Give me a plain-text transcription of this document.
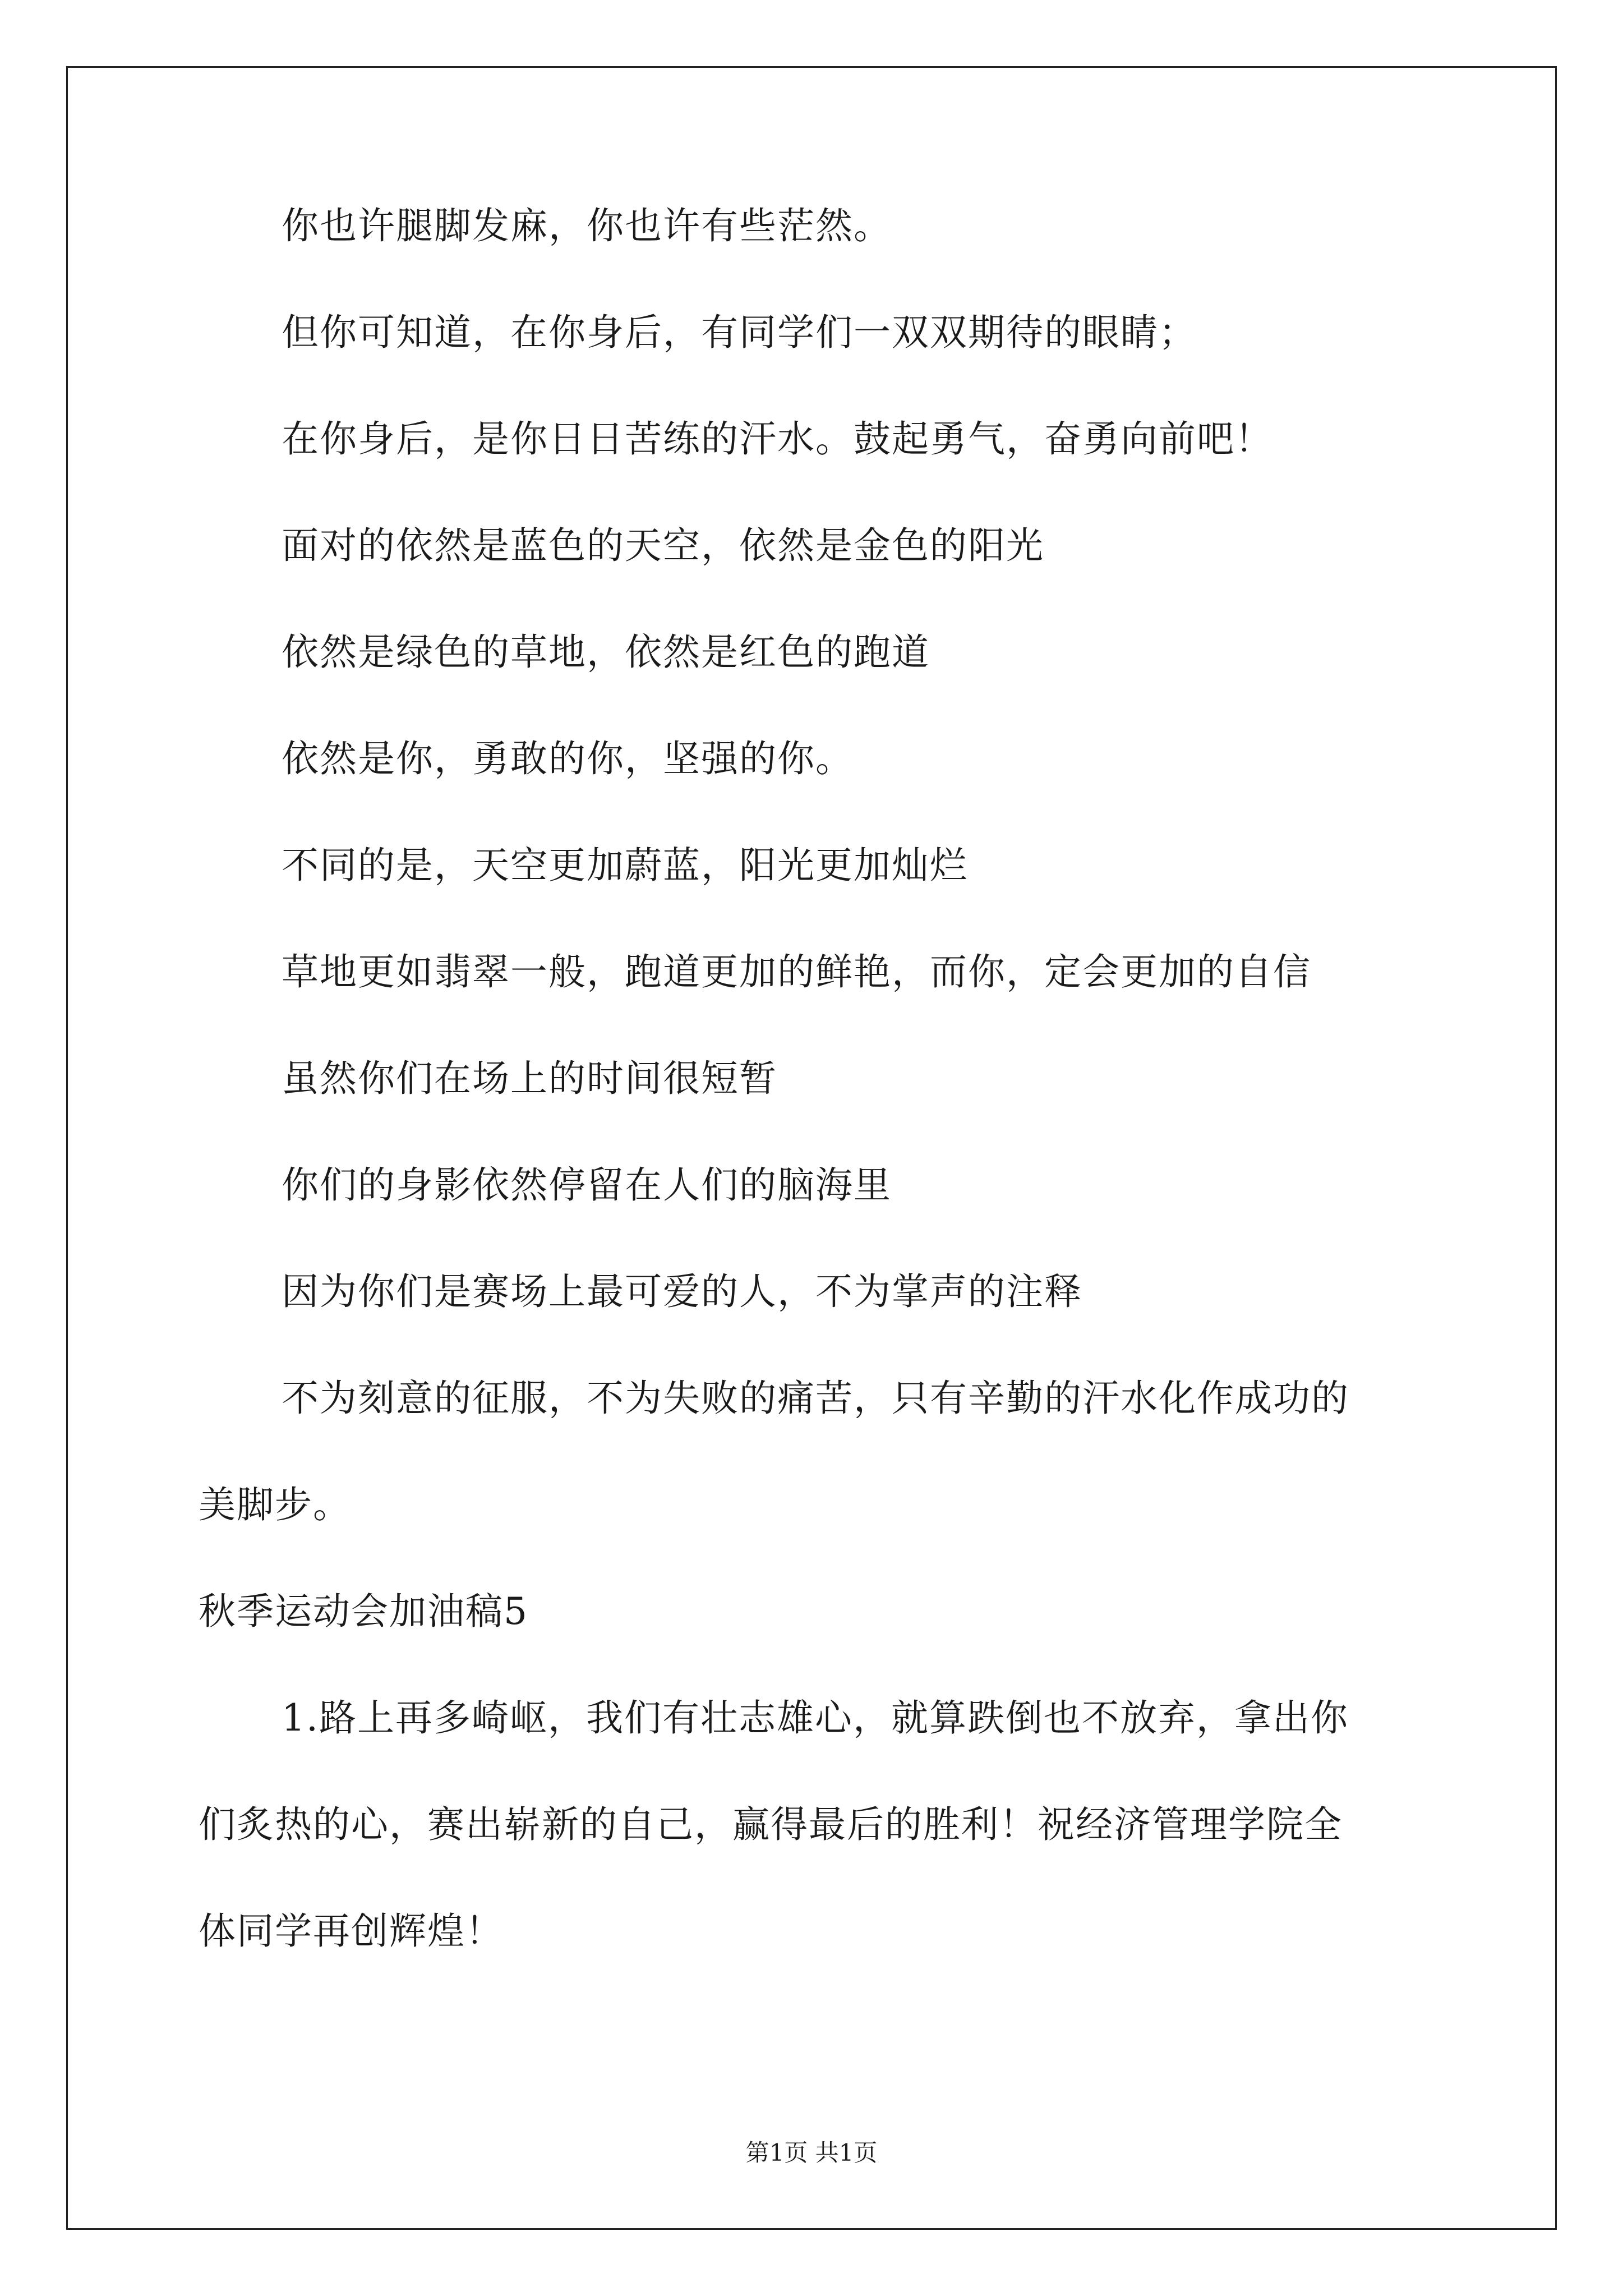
你也许腿脚发麻，你也许有些茫然。
但你可知道，在你身后，有同学们一双双期待的眼睛；
在你身后，是你日日苦练的汗水。鼓起勇气，奋勇向前吧！
面对的依然是蓝色的天空，依然是金色的阳光
依然是绿色的草地，依然是红色的跑道
依然是你，勇敢的你，坚强的你。
不同的是，天空更加蔚蓝，阳光更加灿烂
草地更如翡翠一般，跑道更加的鲜艳，而你，定会更加的自信
虽然你们在场上的时间很短暂
你们的身影依然停留在人们的脑海里
因为你们是赛场上最可爱的人，不为掌声的注释
不为刻意的征服，不为失败的痛苦，只有辛勤的汗水化作成功的
美脚步。
秋季运动会加油稿5
1.路上再多崎岖，我们有壮志雄心，就算跌倒也不放弃，拿出你
们炙热的心，赛出崭新的自己，赢得最后的胜利！祝经济管理学院全
体同学再创辉煌！
第1页 共1页
